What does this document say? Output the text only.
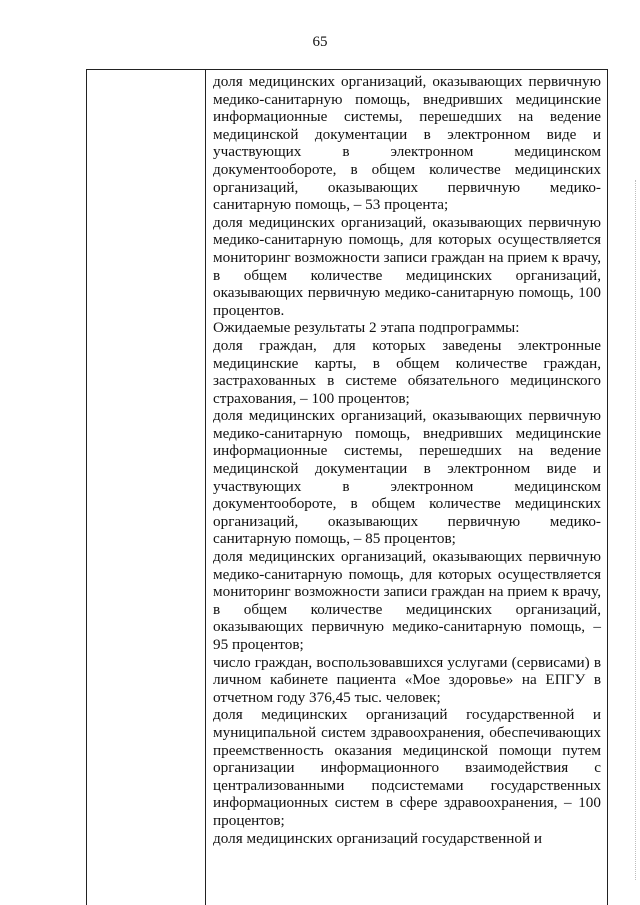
65

доля медицинских организаций, оказывающих первичную медико-санитарную помощь, внедривших медицинские информационные системы, перешедших на ведение медицинской документации в электронном виде и участвующих в электронном медицинском документообороте, в общем количестве медицинских организаций, оказывающих первичную медико-санитарную помощь, – 53 процента;

доля медицинских организаций, оказывающих первичную медико-санитарную помощь, для которых осуществляется мониторинг возможности записи граждан на прием к врачу, в общем количестве медицинских организаций, оказывающих первичную медико-санитарную помощь, 100 процентов.

Ожидаемые результаты 2 этапа подпрограммы:

доля граждан, для которых заведены электронные медицинские карты, в общем количестве граждан, застрахованных в системе обязательного медицинского страхования, – 100 процентов;

доля медицинских организаций, оказывающих первичную медико-санитарную помощь, внедривших медицинские информационные системы, перешедших на ведение медицинской документации в электронном виде и участвующих в электронном медицинском документообороте, в общем количестве медицинских организаций, оказывающих первичную медико-санитарную помощь, – 85 процентов;

доля медицинских организаций, оказывающих первичную медико-санитарную помощь, для которых осуществляется мониторинг возможности записи граждан на прием к врачу, в общем количестве медицинских организаций, оказывающих первичную медико-санитарную помощь, – 95 процентов;

число граждан, воспользовавшихся услугами (сервисами) в личном кабинете пациента «Мое здоровье» на ЕПГУ в отчетном году 376,45 тыс. человек;

доля медицинских организаций государственной и муниципальной систем здравоохранения, обеспечивающих преемственность оказания медицинской помощи путем организации информационного взаимодействия с централизованными подсистемами государственных информационных систем в сфере здравоохранения, – 100 процентов;

доля медицинских организаций государственной и
